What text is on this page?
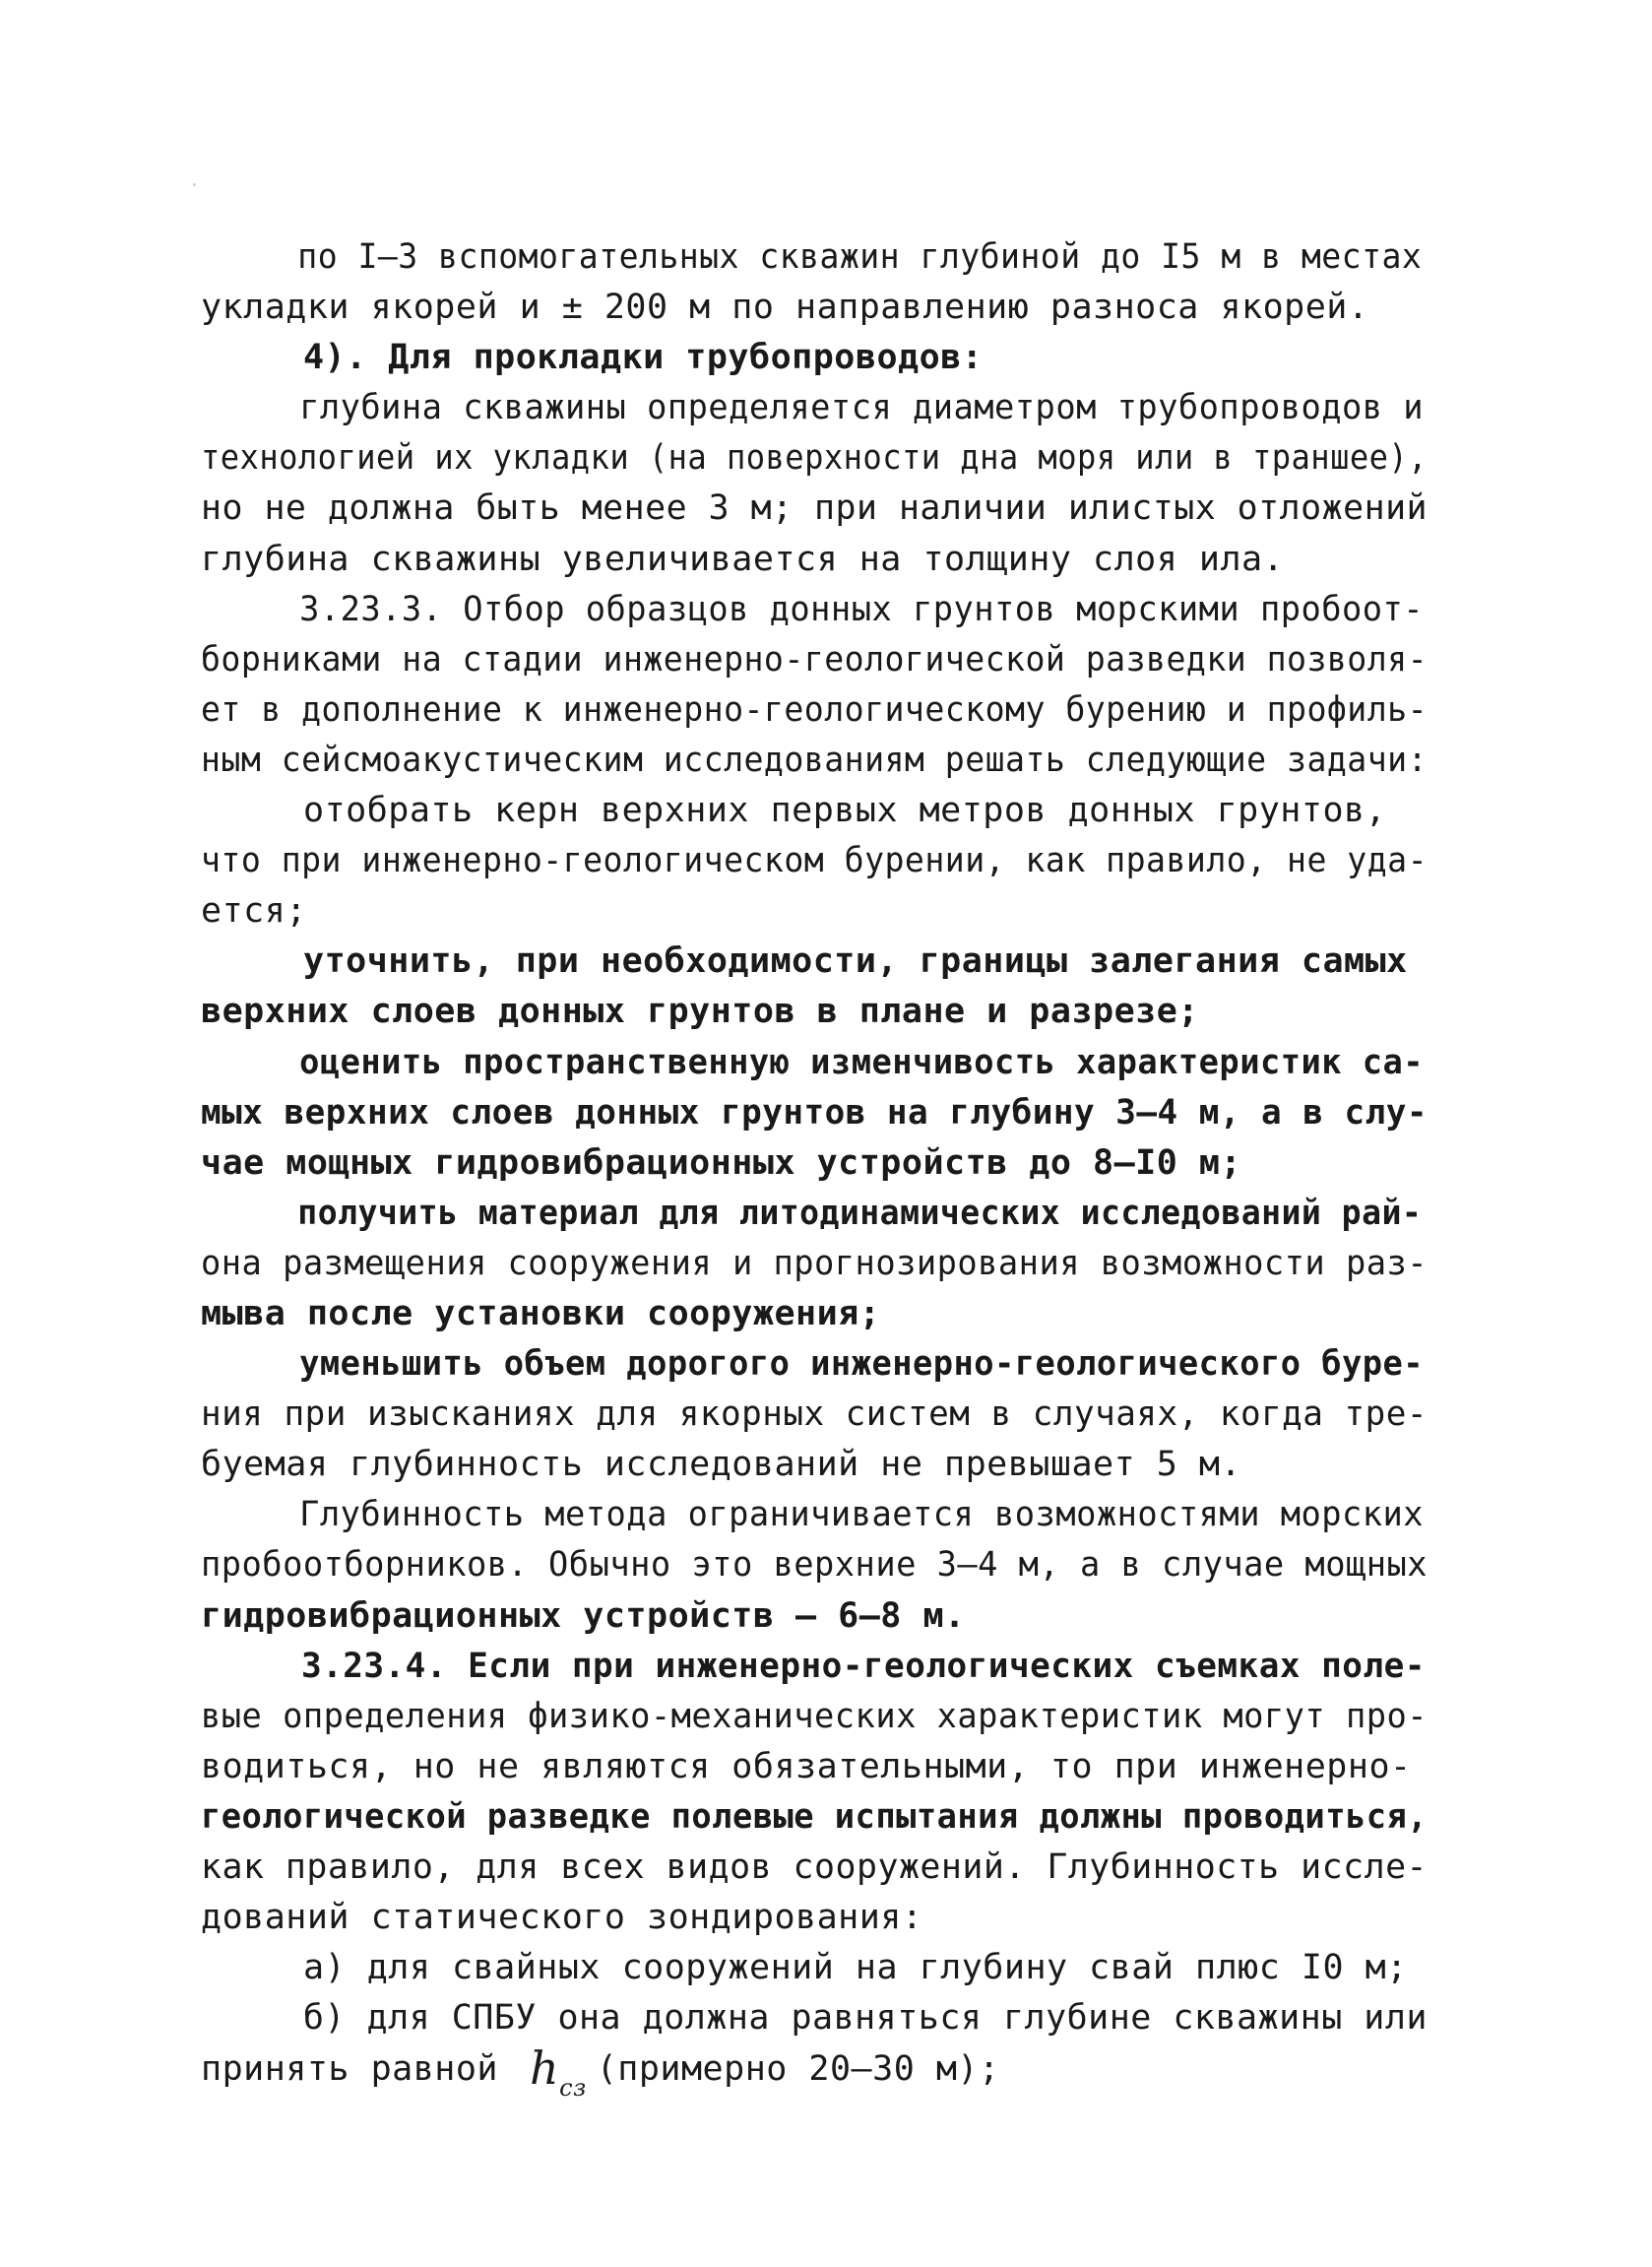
по I–3 вспомогательных скважин глубиной до I5 м в местах
укладки якорей и ± 200 м по направлению разноса якорей.
4). Для прокладки трубопроводов:
глубина скважины определяется диаметром трубопроводов и
технологией их укладки (на поверхности дна моря или в траншее),
но не должна быть менее 3 м; при наличии илистых отложений
глубина скважины увеличивается на толщину слоя ила.
3.23.3. Отбор образцов донных грунтов морскими пробоот-
борниками на стадии инженерно-геологической разведки позволя-
ет в дополнение к инженерно-геологическому бурению и профиль-
ным сейсмоакустическим исследованиям решать следующие задачи:
отобрать керн верхних первых метров донных грунтов,
что при инженерно-геологическом бурении, как правило, не уда-
ется;
уточнить, при необходимости, границы залегания самых
верхних слоев донных грунтов в плане и разрезе;
оценить пространственную изменчивость характеристик са-
мых верхних слоев донных грунтов на глубину 3–4 м, а в слу-
чае мощных гидровибрационных устройств до 8–I0 м;
получить материал для литодинамических исследований рай-
она размещения сооружения и прогнозирования возможности раз-
мыва после установки сооружения;
уменьшить объем дорогого инженерно-геологического буре-
ния при изысканиях для якорных систем в случаях, когда тре-
буемая глубинность исследований не превышает 5 м.
Глубинность метода ограничивается возможностями морских
пробоотборников. Обычно это верхние 3–4 м, а в случае мощных
гидровибрационных устройств – 6–8 м.
3.23.4. Если при инженерно-геологических съемках поле-
вые определения физико-механических характеристик могут про-
водиться, но не являются обязательными, то при инженерно-
геологической разведке полевые испытания должны проводиться,
как правило, для всех видов сооружений. Глубинность иссле-
дований статического зондирования:
а) для свайных сооружений на глубину свай плюс I0 м;
б) для СПБУ она должна равняться глубине скважины или
принять равной $h_{сз}$ (примерно 20–30 м);
